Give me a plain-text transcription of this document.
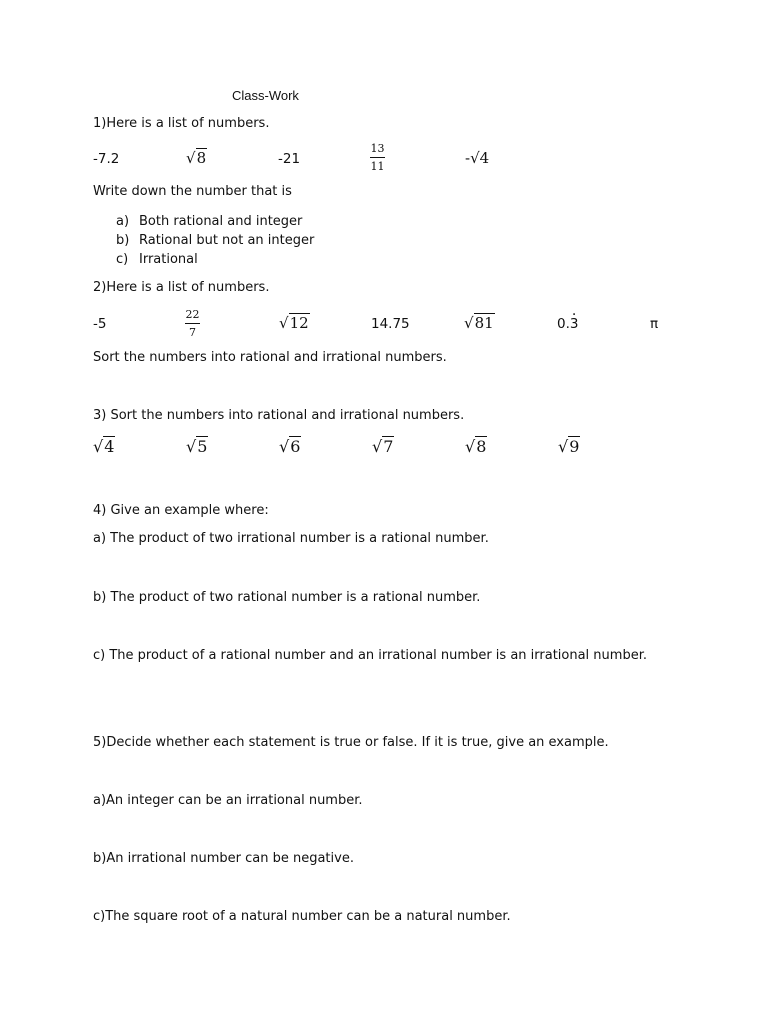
Class-Work
1)Here is a list of numbers.
-7.2	√8	-21
13
11	-√4
Write down the number that is
a) Both rational and integer
b) Rational but not an integer
c) Irrational
2)Here is a list of numbers.
-5
22
7
√12	14.75	√81	0.· 3	π
Sort the numbers into rational and irrational numbers.
3) Sort the numbers into rational and irrational numbers.
√4	√5	√6	√7	√8	√9
4) Give an example where:
a) The product of two irrational number is a rational number.
b) The product of two rational number is a rational number.
c) The product of a rational number and an irrational number is an irrational number.
5)Decide whether each statement is true or false. If it is true, give an example.
a)An integer can be an irrational number.
b)An irrational number can be negative.
c)The square root of a natural number can be a natural number.
